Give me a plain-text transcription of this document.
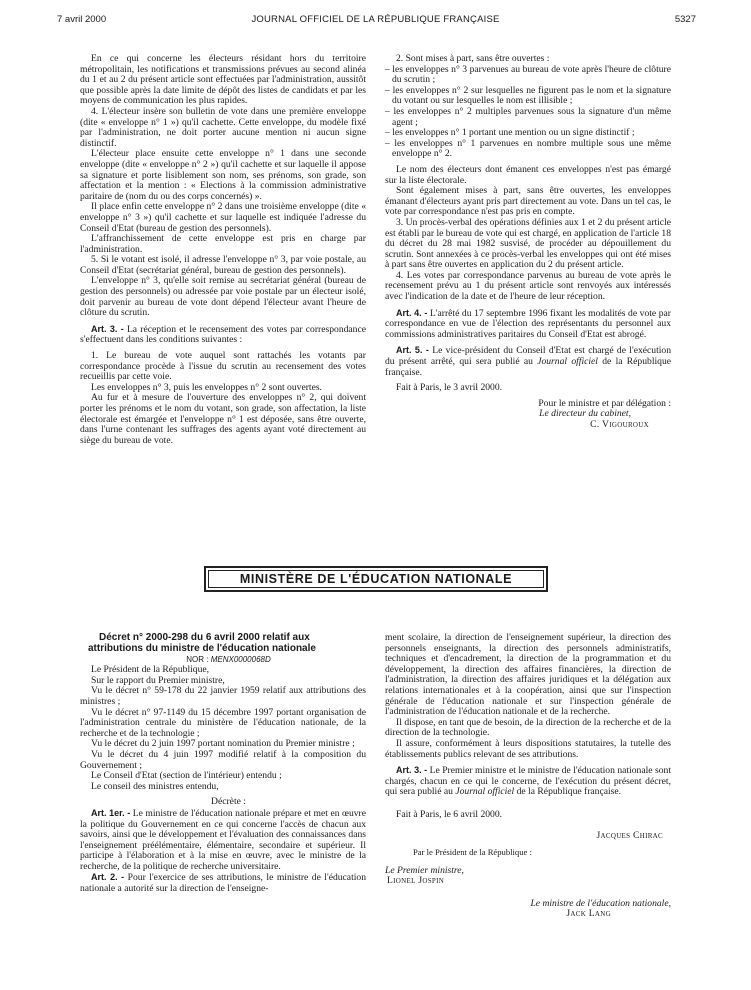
7 avril 2000	JOURNAL OFFICIEL DE LA RÉPUBLIQUE FRANÇAISE	5327

En ce qui concerne les électeurs résidant hors du territoire métropolitain, les notifications et transmissions prévues au second alinéa du 1 et au 2 du présent article sont effectuées par l'administration, aussitôt que possible après la date limite de dépôt des listes de candidats et par les moyens de communication les plus rapides.

4. L'électeur insère son bulletin de vote dans une première enveloppe (dite « enveloppe n° 1 ») qu'il cachette. Cette enveloppe, du modèle fixé par l'administration, ne doit porter aucune mention ni aucun signe distinctif.

L'électeur place ensuite cette enveloppe n° 1 dans une seconde enveloppe (dite « enveloppe n° 2 ») qu'il cachette et sur laquelle il appose sa signature et porte lisiblement son nom, ses prénoms, son grade, son affectation et la mention : « Elections à la commission administrative paritaire de (nom du ou des corps concernés) ».

Il place enfin cette enveloppe n° 2 dans une troisième enveloppe (dite « enveloppe n° 3 ») qu'il cachette et sur laquelle est indiquée l'adresse du Conseil d'Etat (bureau de gestion des personnels).

L'affranchissement de cette enveloppe est pris en charge par l'administration.

5. Si le votant est isolé, il adresse l'enveloppe n° 3, par voie postale, au Conseil d'Etat (secrétariat général, bureau de gestion des personnels).

L'enveloppe n° 3, qu'elle soit remise au secrétariat général (bureau de gestion des personnels) ou adressée par voie postale par un électeur isolé, doit parvenir au bureau de vote dont dépend l'électeur avant l'heure de clôture du scrutin.

Art. 3. - La réception et le recensement des votes par correspondance s'effectuent dans les conditions suivantes :

1. Le bureau de vote auquel sont rattachés les votants par correspondance procède à l'issue du scrutin au recensement des votes recueillis par cette voie.

Les enveloppes n° 3, puis les enveloppes n° 2 sont ouvertes.

Au fur et à mesure de l'ouverture des enveloppes n° 2, qui doivent porter les prénoms et le nom du votant, son grade, son affectation, la liste électorale est émargée et l'enveloppe n° 1 est déposée, sans être ouverte, dans l'urne contenant les suffrages des agents ayant voté directement au siège du bureau de vote.

2. Sont mises à part, sans être ouvertes :

– les enveloppes n° 3 parvenues au bureau de vote après l'heure de clôture du scrutin ;

– les enveloppes n° 2 sur lesquelles ne figurent pas le nom et la signature du votant ou sur lesquelles le nom est illisible ;

– les enveloppes n° 2 multiples parvenues sous la signature d'un même agent ;

– les enveloppes n° 1 portant une mention ou un signe distinctif ;

– les enveloppes n° 1 parvenues en nombre multiple sous une même enveloppe n° 2.

Le nom des électeurs dont émanent ces enveloppes n'est pas émargé sur la liste électorale.

Sont également mises à part, sans être ouvertes, les enveloppes émanant d'électeurs ayant pris part directement au vote. Dans un tel cas, le vote par correspondance n'est pas pris en compte.

3. Un procès-verbal des opérations définies aux 1 et 2 du présent article est établi par le bureau de vote qui est chargé, en application de l'article 18 du décret du 28 mai 1982 susvisé, de procéder au dépouillement du scrutin. Sont annexées à ce procès-verbal les enveloppes qui ont été mises à part sans être ouvertes en application du 2 du présent article.

4. Les votes par correspondance parvenus au bureau de vote après le recensement prévu au 1 du présent article sont renvoyés aux intéressés avec l'indication de la date et de l'heure de leur réception.

Art. 4. - L'arrêté du 17 septembre 1996 fixant les modalités de vote par correspondance en vue de l'élection des représentants du personnel aux commissions administratives paritaires du Conseil d'Etat est abrogé.

Art. 5. - Le vice-président du Conseil d'Etat est chargé de l'exécution du présent arrêté, qui sera publié au Journal officiel de la République française.

Fait à Paris, le 3 avril 2000.

Pour le ministre et par délégation :

Le directeur du cabinet,

C. Vigouroux

MINISTÈRE DE L'ÉDUCATION NATIONALE

Décret n° 2000-298 du 6 avril 2000 relatif aux attributions du ministre de l'éducation nationale

NOR : MENX0000068D

Le Président de la République,

Sur le rapport du Premier ministre,

Vu le décret n° 59-178 du 22 janvier 1959 relatif aux attributions des ministres ;

Vu le décret n° 97-1149 du 15 décembre 1997 portant organisation de l'administration centrale du ministère de l'éducation nationale, de la recherche et de la technologie ;

Vu le décret du 2 juin 1997 portant nomination du Premier ministre ;

Vu le décret du 4 juin 1997 modifié relatif à la composition du Gouvernement ;

Le Conseil d'Etat (section de l'intérieur) entendu ;

Le conseil des ministres entendu,

Décrète :

Art. 1er. - Le ministre de l'éducation nationale prépare et met en œuvre la politique du Gouvernement en ce qui concerne l'accès de chacun aux savoirs, ainsi que le développement et l'évaluation des connaissances dans l'enseignement préélémentaire, élémentaire, secondaire et supérieur. Il participe à l'élaboration et à la mise en œuvre, avec le ministre de la recherche, de la politique de recherche universitaire.

Art. 2. - Pour l'exercice de ses attributions, le ministre de l'éducation nationale a autorité sur la direction de l'enseigne-

ment scolaire, la direction de l'enseignement supérieur, la direction des personnels enseignants, la direction des personnels administratifs, techniques et d'encadrement, la direction de la programmation et du développement, la direction des affaires financières, la direction de l'administration, la direction des affaires juridiques et la délégation aux relations internationales et à la coopération, ainsi que sur l'inspection générale de l'éducation nationale et sur l'inspection générale de l'administration de l'éducation nationale et de la recherche.

Il dispose, en tant que de besoin, de la direction de la recherche et de la direction de la technologie.

Il assure, conformément à leurs dispositions statutaires, la tutelle des établissements publics relevant de ses attributions.

Art. 3. - Le Premier ministre et le ministre de l'éducation nationale sont chargés, chacun en ce qui le concerne, de l'exécution du présent décret, qui sera publié au Journal officiel de la République française.

Fait à Paris, le 6 avril 2000.

Jacques Chirac

Par le Président de la République :

Le Premier ministre,

Lionel Jospin

Le ministre de l'éducation nationale,

Jack Lang
